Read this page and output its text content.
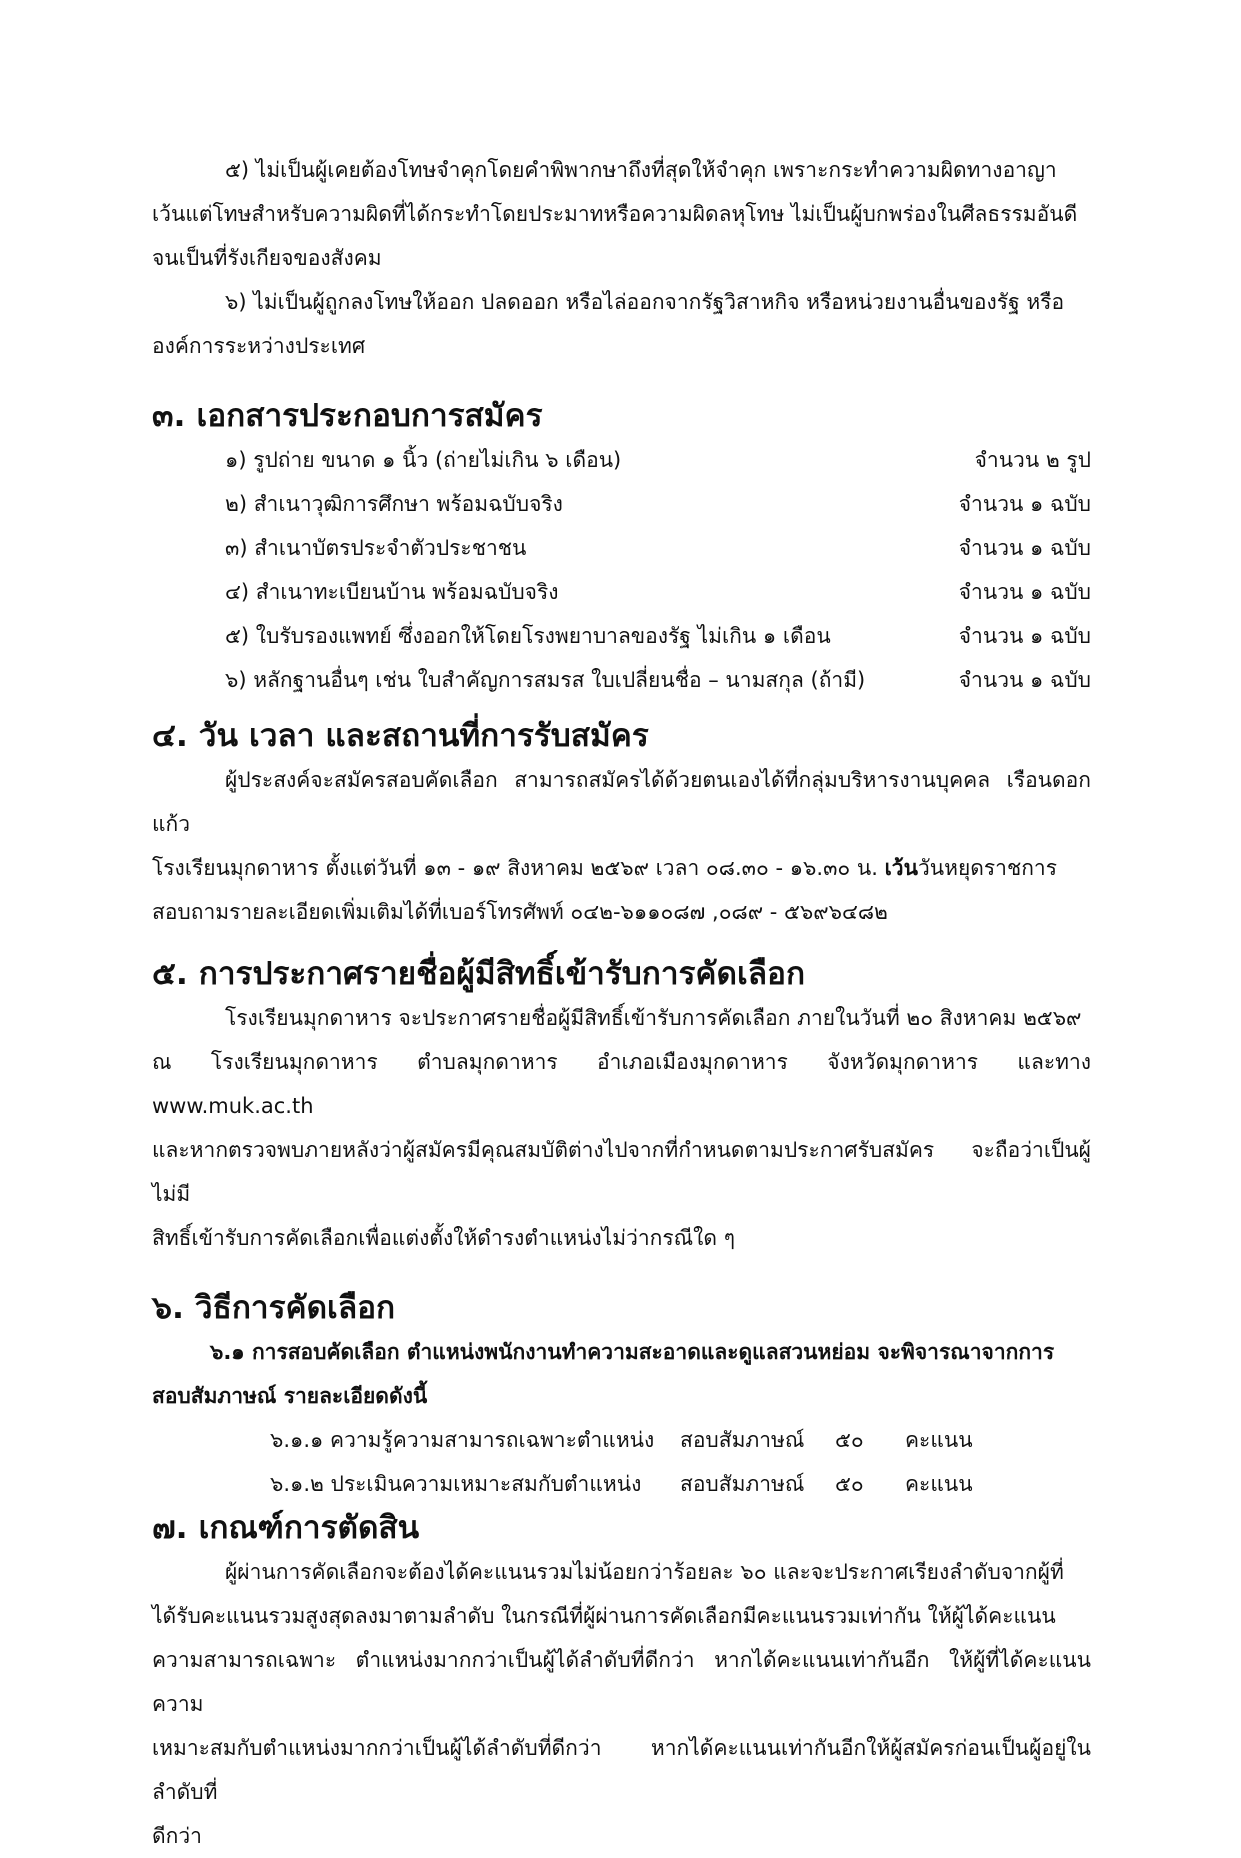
๕) ไม่เป็นผู้เคยต้องโทษจำคุกโดยคำพิพากษาถึงที่สุดให้จำคุก เพราะกระทำความผิดทางอาญา
เว้นแต่โทษสำหรับความผิดที่ได้กระทำโดยประมาทหรือความผิดลหุโทษ ไม่เป็นผู้บกพร่องในศีลธรรมอันดี
จนเป็นที่รังเกียจของสังคม

๖) ไม่เป็นผู้ถูกลงโทษให้ออก ปลดออก หรือไล่ออกจากรัฐวิสาหกิจ หรือหน่วยงานอื่นของรัฐ หรือ
องค์การระหว่างประเทศ

๓. เอกสารประกอบการสมัคร
๑) รูปถ่าย ขนาด ๑ นิ้ว (ถ่ายไม่เกิน ๖ เดือน)	จำนวน ๒ รูป
๒) สำเนาวุฒิการศึกษา พร้อมฉบับจริง	จำนวน ๑ ฉบับ
๓) สำเนาบัตรประจำตัวประชาชน	จำนวน ๑ ฉบับ
๔) สำเนาทะเบียนบ้าน พร้อมฉบับจริง	จำนวน ๑ ฉบับ
๕) ใบรับรองแพทย์ ซึ่งออกให้โดยโรงพยาบาลของรัฐ ไม่เกิน ๑ เดือน	จำนวน ๑ ฉบับ
๖) หลักฐานอื่นๆ เช่น ใบสำคัญการสมรส ใบเปลี่ยนชื่อ – นามสกุล (ถ้ามี)	จำนวน ๑ ฉบับ
๔. วัน เวลา และสถานที่การรับสมัคร

ผู้ประสงค์จะสมัครสอบคัดเลือก สามารถสมัครได้ด้วยตนเองได้ที่กลุ่มบริหารงานบุคคล เรือนดอกแก้ว
โรงเรียนมุกดาหาร ตั้งแต่วันที่ ๑๓ - ๑๙ สิงหาคม ๒๕๖๙ เวลา ๐๘.๓๐ - ๑๖.๓๐ น. เว้นวันหยุดราชการ
สอบถามรายละเอียดเพิ่มเติมได้ที่เบอร์โทรศัพท์ ๐๔๒-๖๑๑๐๘๗ ,๐๘๙ - ๕๖๙๖๔๘๒

๕. การประกาศรายชื่อผู้มีสิทธิ์เข้ารับการคัดเลือก

โรงเรียนมุกดาหาร จะประกาศรายชื่อผู้มีสิทธิ์เข้ารับการคัดเลือก ภายในวันที่ ๒๐ สิงหาคม ๒๕๖๙
ณ โรงเรียนมุกดาหาร ตำบลมุกดาหาร อำเภอเมืองมุกดาหาร จังหวัดมุกดาหาร และทาง www.muk.ac.th
และหากตรวจพบภายหลังว่าผู้สมัครมีคุณสมบัติต่างไปจากที่กำหนดตามประกาศรับสมัคร จะถือว่าเป็นผู้ไม่มี
สิทธิ์เข้ารับการคัดเลือกเพื่อแต่งตั้งให้ดำรงตำแหน่งไม่ว่ากรณีใด ๆ

๖. วิธีการคัดเลือก

๖.๑ การสอบคัดเลือก ตำแหน่งพนักงานทำความสะอาดและดูแลสวนหย่อม จะพิจารณาจากการ
สอบสัมภาษณ์ รายละเอียดดังนี้

๖.๑.๑ ความรู้ความสามารถเฉพาะตำแหน่ง	สอบสัมภาษณ์	๕๐	คะแนน
๖.๑.๒ ประเมินความเหมาะสมกับตำแหน่ง	สอบสัมภาษณ์	๕๐	คะแนน
๗. เกณฑ์การตัดสิน

ผู้ผ่านการคัดเลือกจะต้องได้คะแนนรวมไม่น้อยกว่าร้อยละ ๖๐ และจะประกาศเรียงลำดับจากผู้ที่
ได้รับคะแนนรวมสูงสุดลงมาตามลำดับ ในกรณีที่ผู้ผ่านการคัดเลือกมีคะแนนรวมเท่ากัน ให้ผู้ได้คะแนน
ความสามารถเฉพาะ ตำแหน่งมากกว่าเป็นผู้ได้ลำดับที่ดีกว่า หากได้คะแนนเท่ากันอีก ให้ผู้ที่ได้คะแนนความ
เหมาะสมกับตำแหน่งมากกว่าเป็นผู้ได้ลำดับที่ดีกว่า หากได้คะแนนเท่ากันอีกให้ผู้สมัครก่อนเป็นผู้อยู่ในลำดับที่
ดีกว่า
